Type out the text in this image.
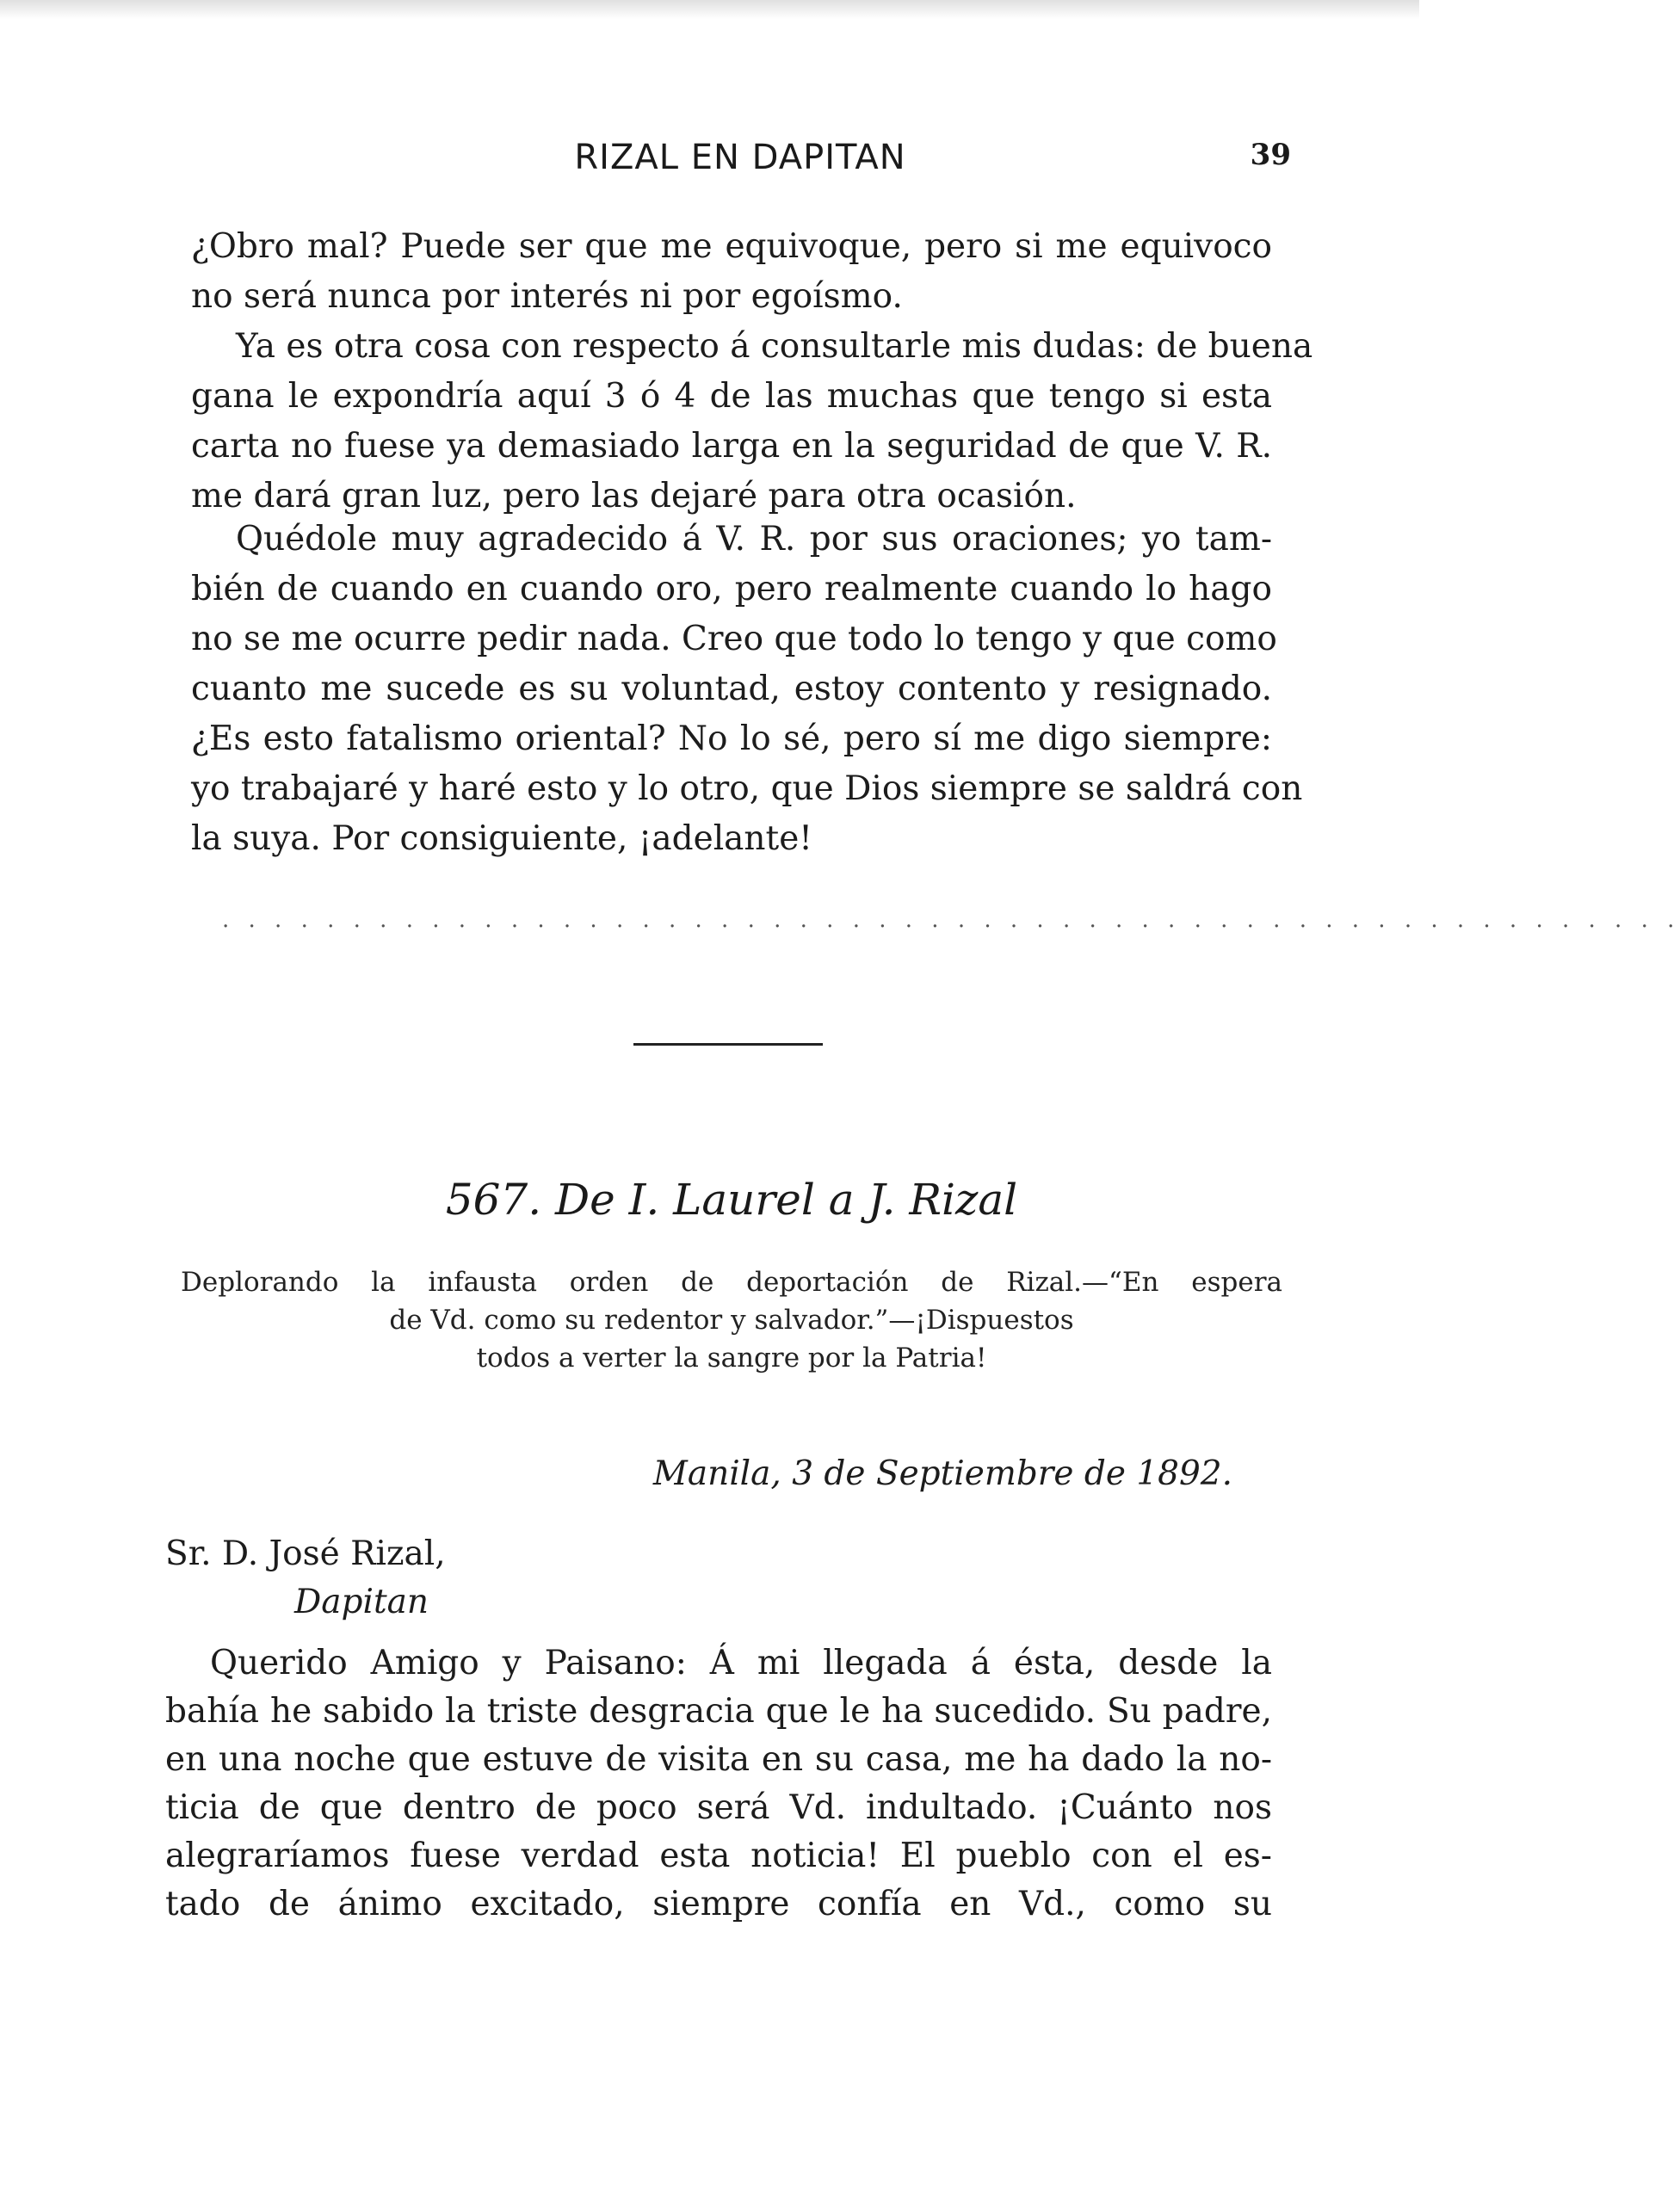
RIZAL EN DAPITAN	39
¿Obro mal? Puede ser que me equivoque, pero si me equivoco
no será nunca por interés ni por egoísmo.
Ya es otra cosa con respecto á consultarle mis dudas: de buena
gana le expondría aquí 3 ó 4 de las muchas que tengo si esta
carta no fuese ya demasiado larga en la seguridad de que V. R.
me dará gran luz, pero las dejaré para otra ocasión.
Quédole muy agradecido á V. R. por sus oraciones; yo tam-
bién de cuando en cuando oro, pero realmente cuando lo hago
no se me ocurre pedir nada. Creo que todo lo tengo y que como
cuanto me sucede es su voluntad, estoy contento y resignado.
¿Es esto fatalismo oriental? No lo sé, pero sí me digo siempre:
yo trabajaré y haré esto y lo otro, que Dios siempre se saldrá con
la suya. Por consiguiente, ¡adelante!
. . . . . . . . . . . . . . . . . . . . . . . . . . . . . . . . . . . . . . . . . . . . . . . . . . . . . . . .
567. De I. Laurel a J. Rizal
Deplorando la infausta orden de deportación de Rizal.—“En espera
de Vd. como su redentor y salvador.”—¡Dispuestos
todos a verter la sangre por la Patria!
Manila, 3 de Septiembre de 1892.
Sr. D. José Rizal,
Dapitan
Querido Amigo y Paisano: Á mi llegada á ésta, desde la
bahía he sabido la triste desgracia que le ha sucedido. Su padre,
en una noche que estuve de visita en su casa, me ha dado la no-
ticia de que dentro de poco será Vd. indultado. ¡Cuánto nos
alegraríamos fuese verdad esta noticia! El pueblo con el es-
tado de ánimo excitado, siempre confía en Vd., como su
